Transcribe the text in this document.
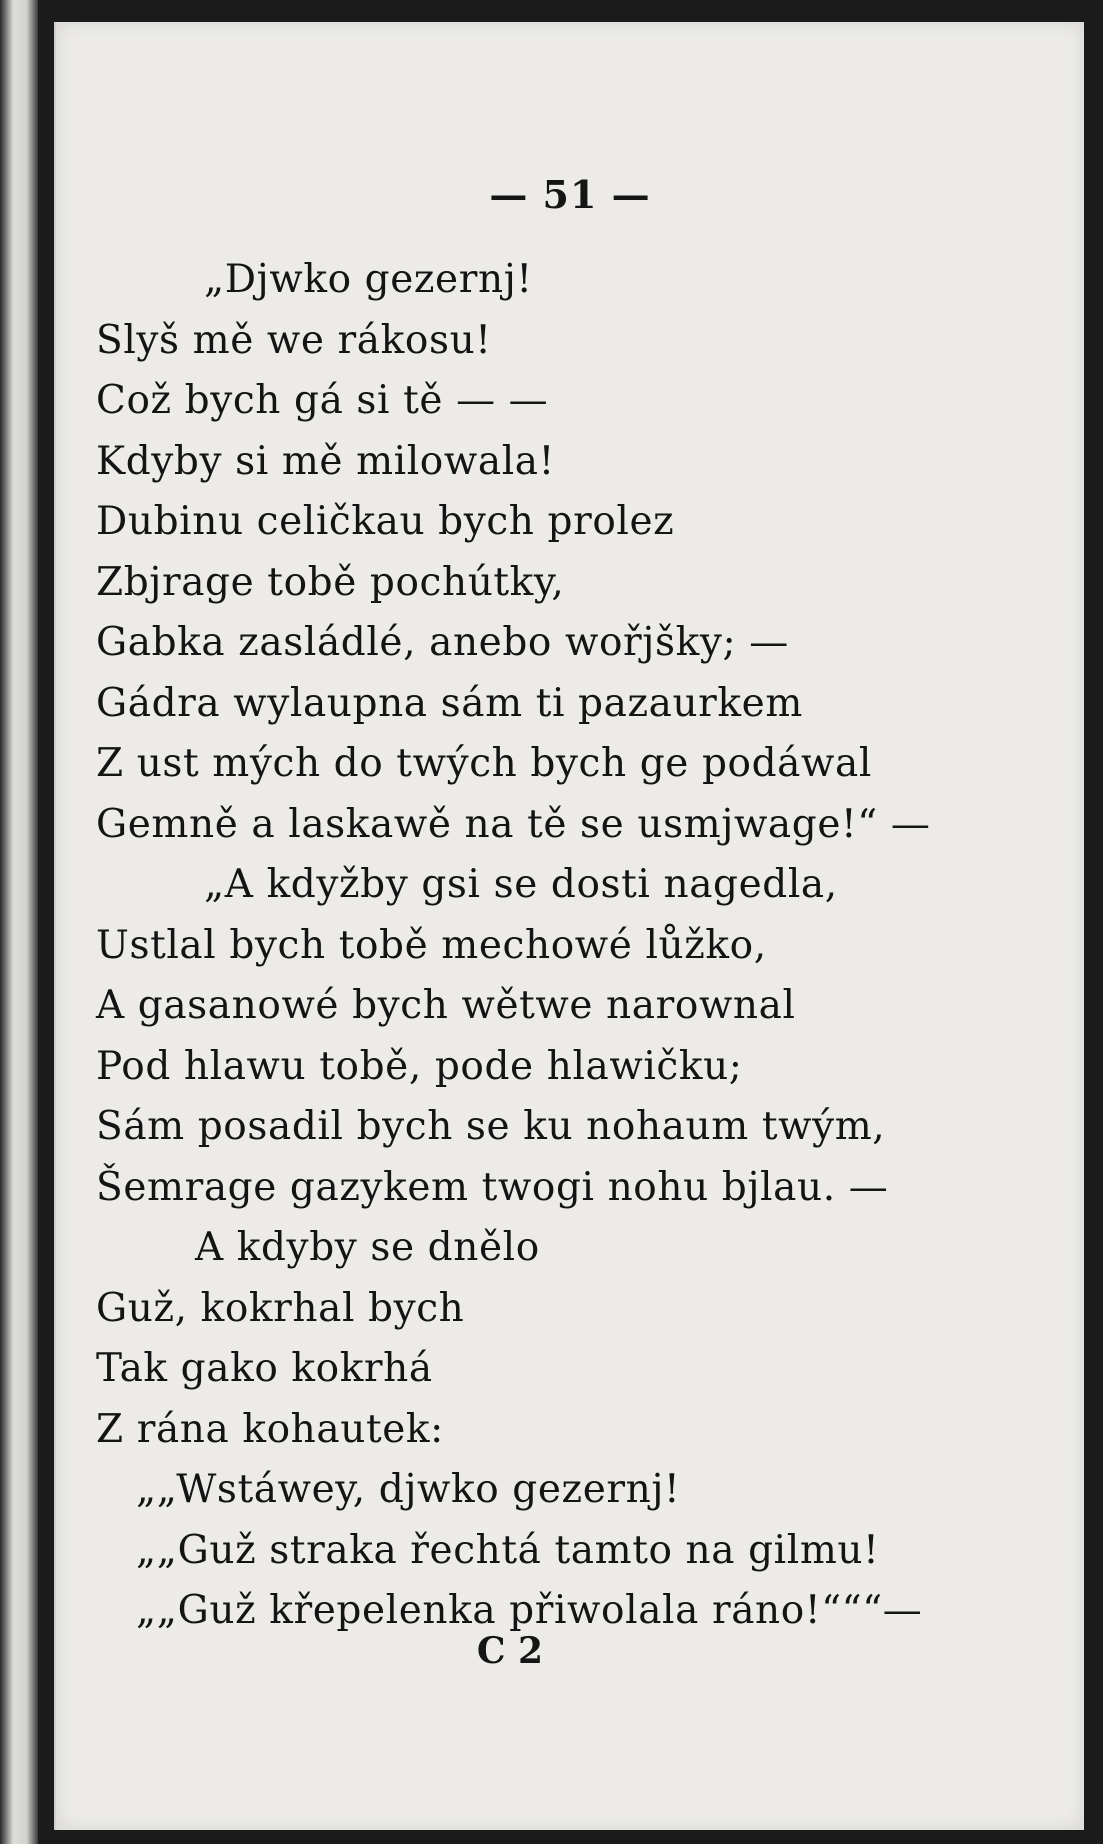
— 51 —
„Djwko gezernj!
Slyš mě we rákosu!
Což bych gá si tě — —
Kdyby si mě milowala!
Dubinu celičkau bych prolez
Zbjrage tobě pochútky,
Gabka zasládlé, anebo wořjšky; —
Gádra wylaupna sám ti pazaurkem
Z ust mých do twých bych ge podáwal
Gemně a laskawě na tě se usmjwage!“ —
„A kdyžby gsi se dosti nagedla,
Ustlal bych tobě mechowé lůžko,
A gasanowé bych wětwe narownal
Pod hlawu tobě, pode hlawičku;
Sám posadil bych se ku nohaum twým,
Šemrage gazykem twogi nohu bjlau. —
A kdyby se dnělo
Guž, kokrhal bych
Tak gako kokrhá
Z rána kohautek:
„„Wstáwey, djwko gezernj!
„„Guž straka řechtá tamto na gilmu!
„„Guž křepelenka přiwolala ráno!“““—
C 2
